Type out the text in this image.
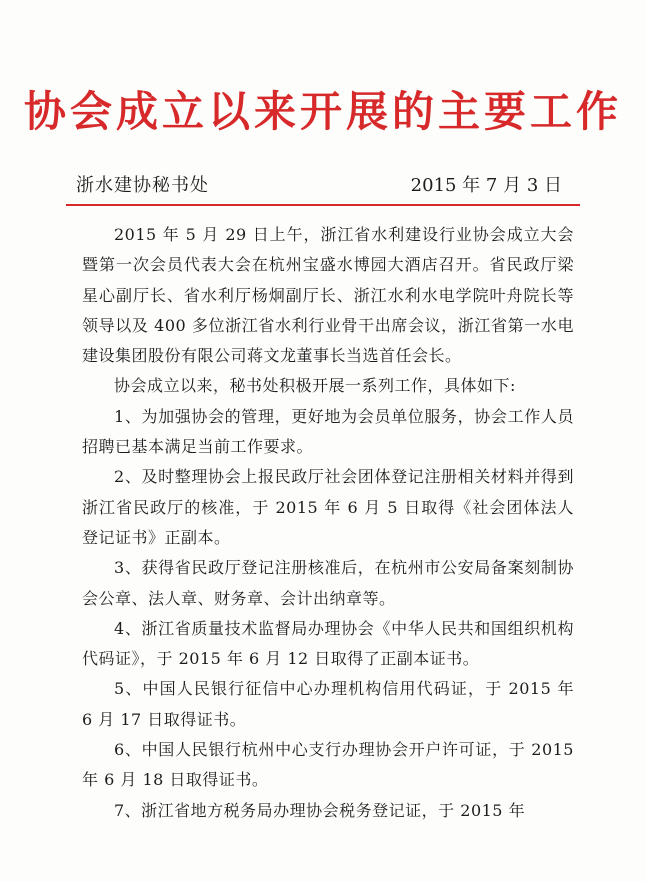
协会成立以来开展的主要工作
浙水建协秘书处	2015 年 7 月 3 日

2015 年 5 月 29 日上午，浙江省水利建设行业协会成立大会暨第一次会员代表大会在杭州宝盛水博园大酒店召开。省民政厅梁星心副厅长、省水利厅杨炯副厅长、浙江水利水电学院叶舟院长等领导以及 400 多位浙江省水利行业骨干出席会议，浙江省第一水电建设集团股份有限公司蒋文龙董事长当选首任会长。

协会成立以来，秘书处积极开展一系列工作，具体如下:

1、为加强协会的管理，更好地为会员单位服务，协会工作人员招聘已基本满足当前工作要求。

2、及时整理协会上报民政厅社会团体登记注册相关材料并得到浙江省民政厅的核准，于 2015 年 6 月 5 日取得《社会团体法人登记证书》正副本。

3、获得省民政厅登记注册核准后，在杭州市公安局备案刻制协会公章、法人章、财务章、会计出纳章等。

4、浙江省质量技术监督局办理协会《中华人民共和国组织机构代码证》，于 2015 年 6 月 12 日取得了正副本证书。

5、中国人民银行征信中心办理机构信用代码证，于 2015 年 6 月 17 日取得证书。

6、中国人民银行杭州中心支行办理协会开户许可证，于 2015 年 6 月 18 日取得证书。

7、浙江省地方税务局办理协会税务登记证，于 2015 年
